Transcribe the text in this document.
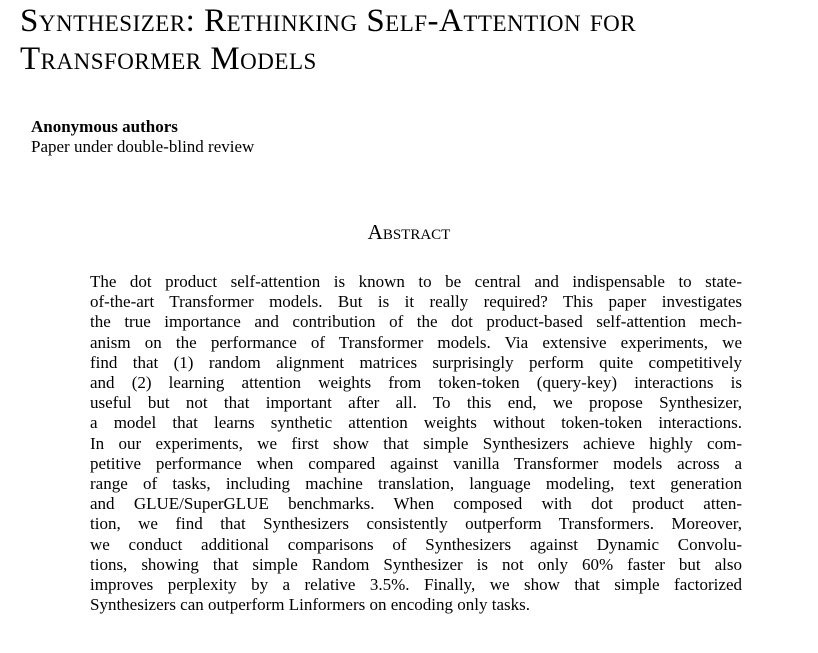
Synthesizer: Rethinking Self-Attention for
Transformer Models
Anonymous authors
Paper under double-blind review
Abstract

The dot product self-attention is known to be central and indispensable to state-
of-the-art Transformer models. But is it really required? This paper investigates
the true importance and contribution of the dot product-based self-attention mech-
anism on the performance of Transformer models. Via extensive experiments, we
find that (1) random alignment matrices surprisingly perform quite competitively
and (2) learning attention weights from token-token (query-key) interactions is
useful but not that important after all. To this end, we propose Synthesizer,
a model that learns synthetic attention weights without token-token interactions.
In our experiments, we first show that simple Synthesizers achieve highly com-
petitive performance when compared against vanilla Transformer models across a
range of tasks, including machine translation, language modeling, text generation
and GLUE/SuperGLUE benchmarks. When composed with dot product atten-
tion, we find that Synthesizers consistently outperform Transformers. Moreover,
we conduct additional comparisons of Synthesizers against Dynamic Convolu-
tions, showing that simple Random Synthesizer is not only 60% faster but also
improves perplexity by a relative 3.5%. Finally, we show that simple factorized
Synthesizers can outperform Linformers on encoding only tasks.
